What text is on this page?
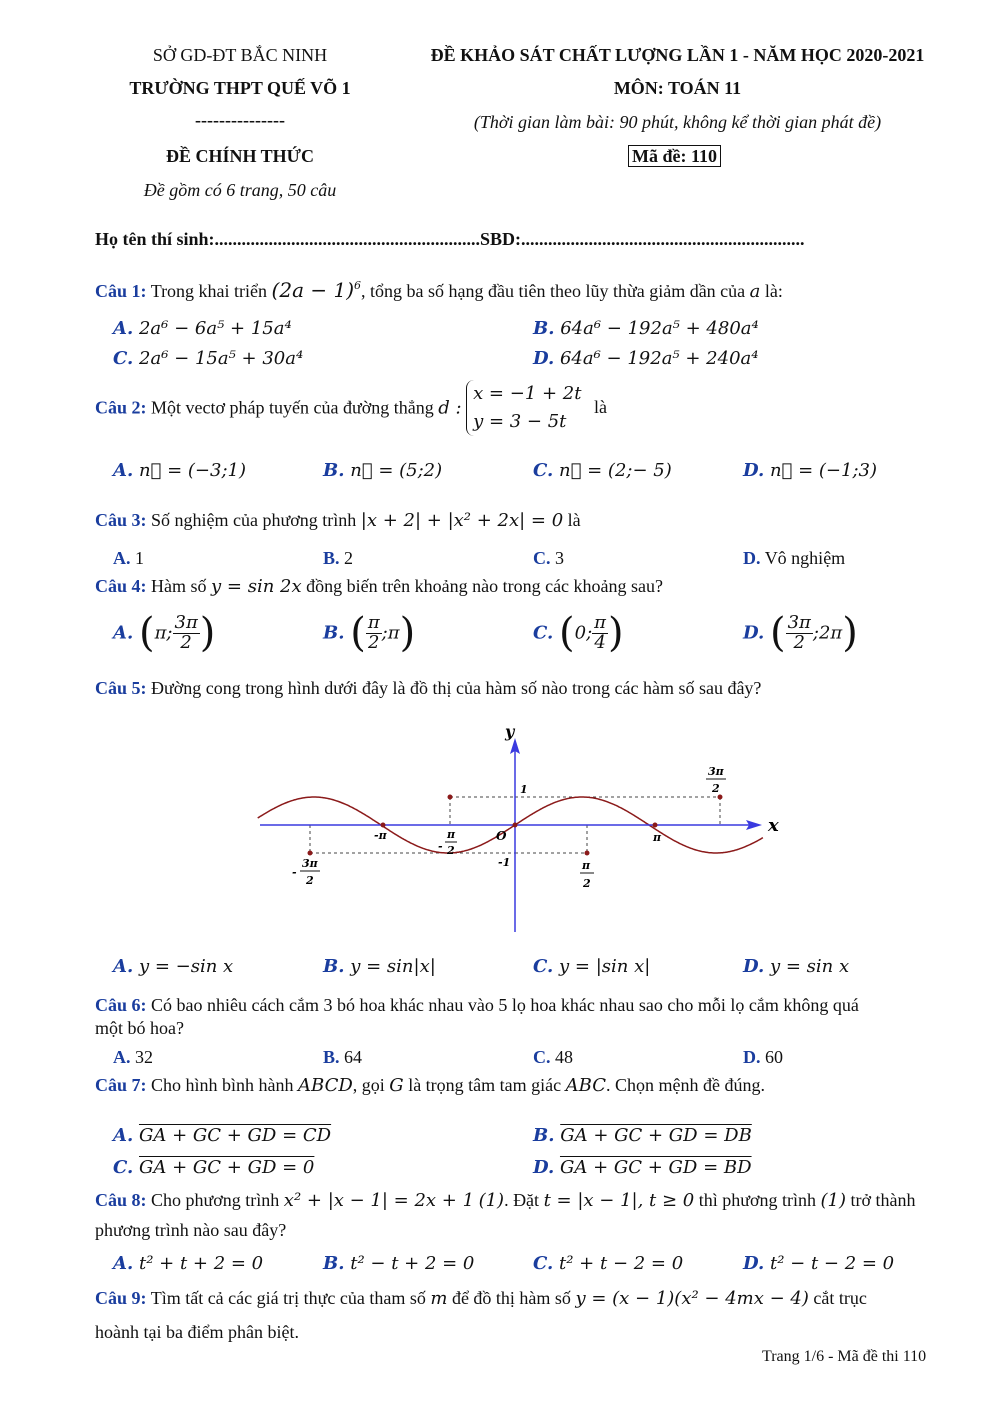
SỞ GD-ĐT BẮC NINH
TRƯỜNG THPT QUẾ VÕ 1
---------------
ĐỀ CHÍNH THỨC
Đề gồm có 6 trang, 50 câu
ĐỀ KHẢO SÁT CHẤT LƯỢNG LẦN 1 - NĂM HỌC 2020-2021
MÔN: TOÁN 11
(Thời gian làm bài: 90 phút, không kể thời gian phát đề)
Mã đề: 110
Họ tên thí sinh:...........................................................SBD:...............................................................
Câu 1: Trong khai triển $(2a - 1)^6$, tổng ba số hạng đầu tiên theo lũy thừa giảm dần của a là:
A. 2a⁶ − 6a⁵ + 15a⁴	B. 64a⁶ − 192a⁵ + 480a⁴
C. 2a⁶ − 15a⁵ + 30a⁴	D. 64a⁶ − 192a⁵ + 240a⁴
Câu 2: Một vectơ pháp tuyến của đường thẳng d :
x = −1 + 2t
y = 3 − 5t
là
A. n⃗ = (−3;1)	B. n⃗ = (5;2)	C. n⃗ = (2;− 5)	D. n⃗ = (−1;3)
Câu 3: Số nghiệm của phương trình |x + 2| + |x² + 2x| = 0 là
A. 1	B. 2	C. 3	D. Vô nghiệm
Câu 4: Hàm số y = sin 2x đồng biến trên khoảng nào trong các khoảng sau?
A. (π; $\frac{3\pi}{2}$ )	B. ( $\frac{\pi}{2}$ ;π)	C. (0; $\frac{\pi}{4}$ )	D. ( $\frac{3\pi}{2}$ ;2π)
Câu 5: Đường cong trong hình dưới đây là đồ thị của hàm số nào trong các hàm số sau đây?
y
x
O
1
-1
-π	π
-
π
2
π
2
-
3π
2
3π
2
A. y = −sin x	B. y = sin|x|	C. y = |sin x|	D. y = sin x
Câu 6: Có bao nhiêu cách cắm 3 bó hoa khác nhau vào 5 lọ hoa khác nhau sao cho mỗi lọ cắm không quá
một bó hoa?
A. 32	B. 64	C. 48	D. 60
Câu 7: Cho hình bình hành ABCD, gọi G là trọng tâm tam giác ABC. Chọn mệnh đề đúng.
A. GA + GC + GD = CD	B. GA + GC + GD = DB
C. GA + GC + GD = 0	D. GA + GC + GD = BD
Câu 8: Cho phương trình x² + |x − 1| = 2x + 1 (1). Đặt t = |x − 1|, t ≥ 0 thì phương trình (1) trở thành
phương trình nào sau đây?
A. t² + t + 2 = 0	B. t² − t + 2 = 0	C. t² + t − 2 = 0	D. t² − t − 2 = 0
Câu 9: Tìm tất cả các giá trị thực của tham số m để đồ thị hàm số y = (x − 1)(x² − 4mx − 4) cắt trục
hoành tại ba điểm phân biệt.
Trang 1/6 - Mã đề thi 110
